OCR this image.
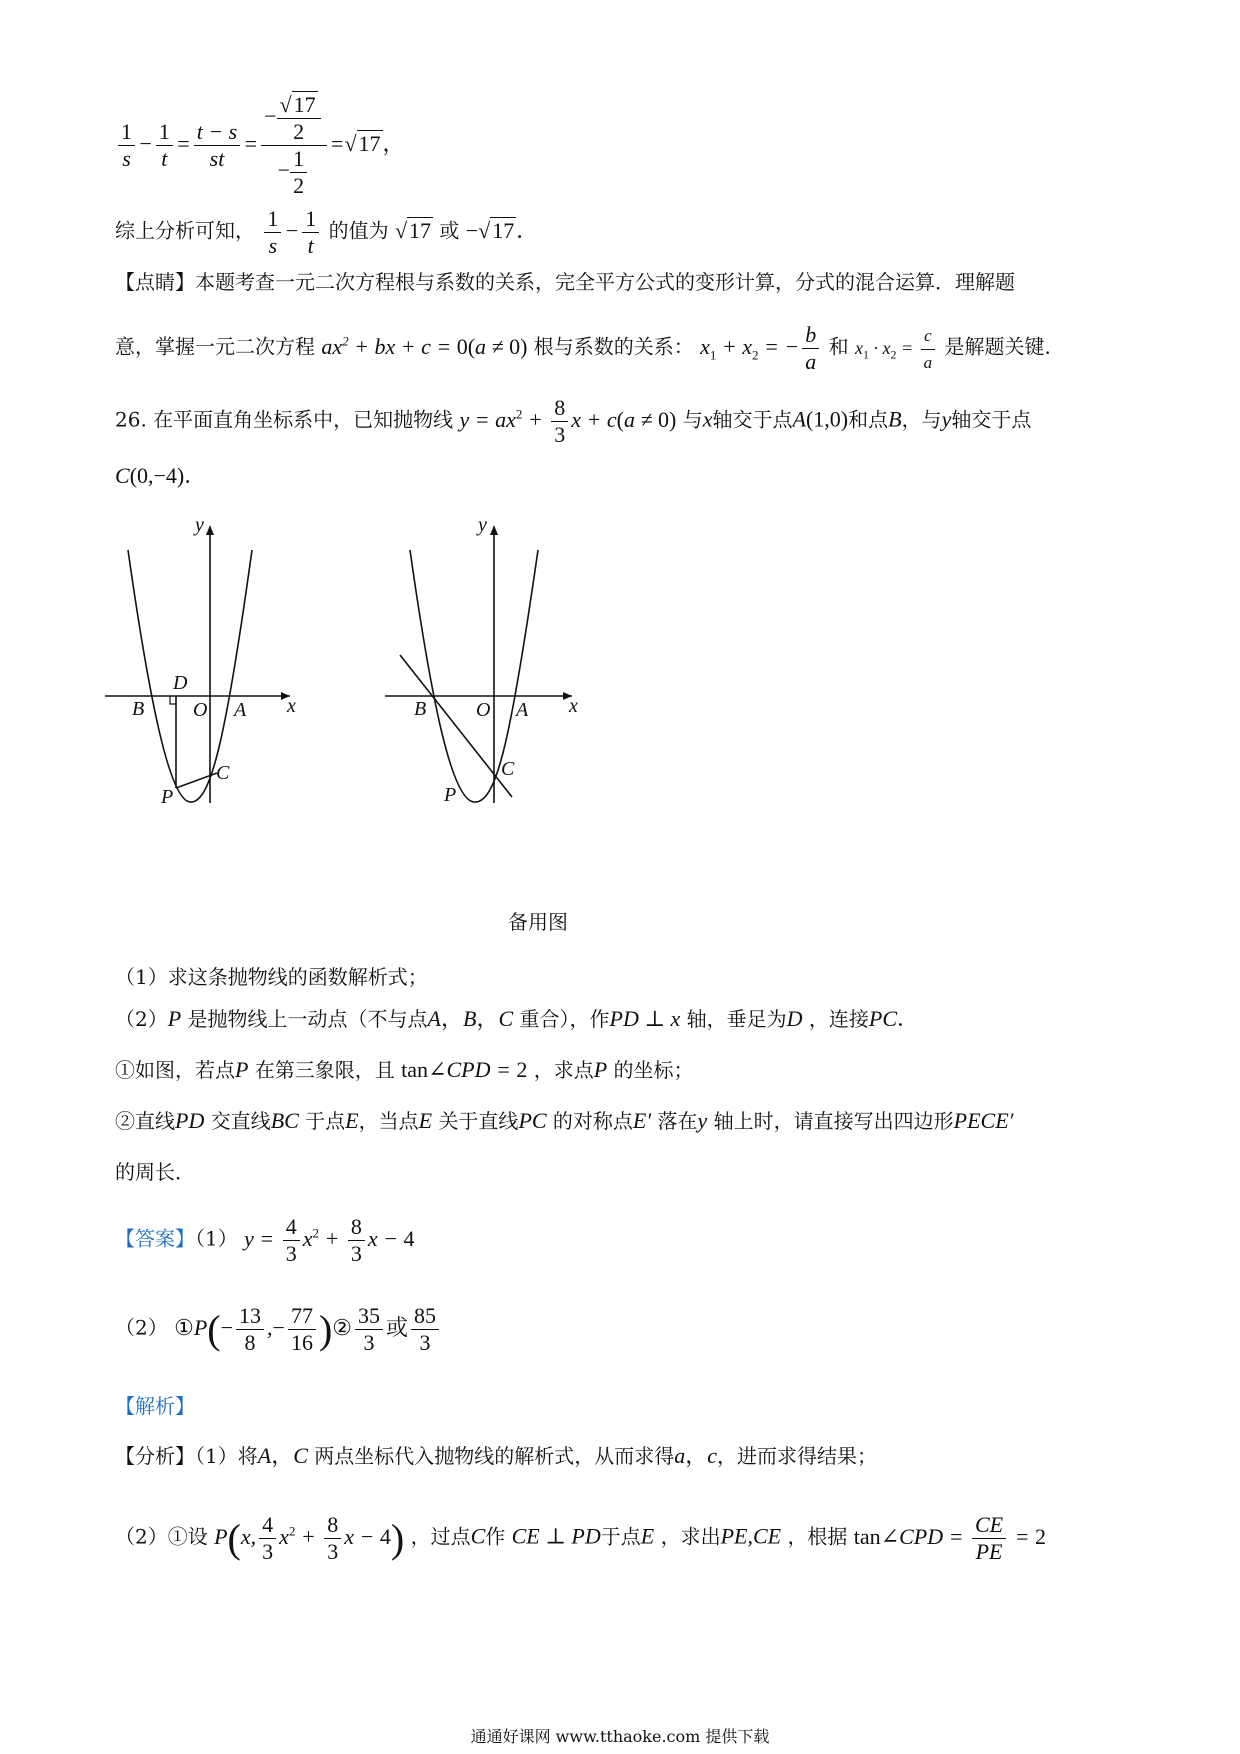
$\frac{1}{s} - \frac{1}{t} = \frac{t - s}{st} = \frac{- \frac{√17}{2}}{- \frac{1}{2}} =√17$，
综上分析可知， $\frac{1}{s} - \frac{1}{t}$ 的值为 √17 或 −√17．
【点睛】本题考查一元二次方程根与系数的关系，完全平方公式的变形计算，分式的混合运算．理解题
意，掌握一元二次方程 $ax^2$ + bx + c = 0(a ≠ 0) 根与系数的关系： $x_1 + x_2$ = − $\frac{b}{a}$ 和 $x_1 \cdot x_2 = \frac{c}{a}$ 是解题关键．
26. 在平面直角坐标系中，已知抛物线 $y = ax^2 + \frac{8}{3}$ x + c(a ≠ 0) 与x轴交于点A(1,0)和点B，与y轴交于点
C(0,−4)．
D
B O A x
y
C
P
B O A x
y
C
P
备用图
（1）求这条抛物线的函数解析式；
（2）P 是抛物线上一动点（不与点A，B，C 重合），作PD ⊥ x 轴，垂足为D ，连接PC．
①如图，若点P 在第三象限，且 tan∠CPD = 2 ，求点P 的坐标；
②直线PD 交直线BC 于点E，当点E 关于直线PC 的对称点E′ 落在y 轴上时，请直接写出四边形PECE′
的周长．
【答案】（1） $y = \frac{4}{3} x^2 + \frac{8}{3}$ x − 4
（2） ①P(− $\frac{13}{8}$ ,− $\frac{77}{16}$ )② $\frac{35}{3}$ 或 $\frac{85}{3}$
【解析】
【分析】（1）将A，C 两点坐标代入抛物线的解析式，从而求得a，c，进而求得结果；
（2）①设 P(x, $\frac{4}{3} x^2 + \frac{8}{3}$ x − 4) ，过点C作 CE ⊥ PD于点E ，求出PE,CE ，根据 tan∠CPD = $\frac{CE}{PE} = 2$
通通好课网 www.tthaoke.com 提供下载
